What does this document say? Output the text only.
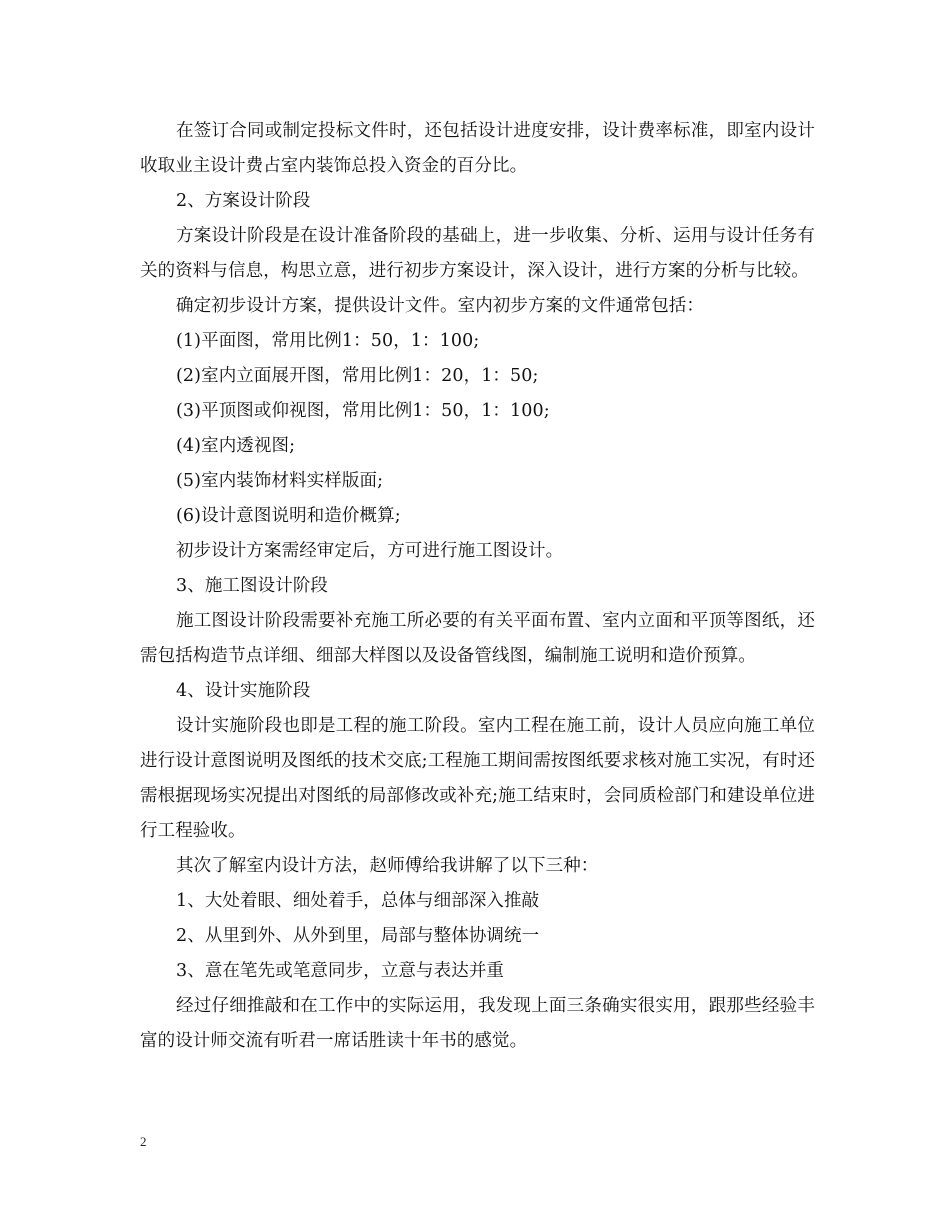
在签订合同或制定投标文件时，还包括设计进度安排，设计费率标准，即室内设计收取业主设计费占室内装饰总投入资金的百分比。

2、方案设计阶段

方案设计阶段是在设计准备阶段的基础上，进一步收集、分析、运用与设计任务有关的资料与信息，构思立意，进行初步方案设计，深入设计，进行方案的分析与比较。

确定初步设计方案，提供设计文件。室内初步方案的文件通常包括：

(1)平面图，常用比例1：50，1：100;

(2)室内立面展开图，常用比例1：20，1：50;

(3)平顶图或仰视图，常用比例1：50，1：100;

(4)室内透视图;

(5)室内装饰材料实样版面;

(6)设计意图说明和造价概算;

初步设计方案需经审定后，方可进行施工图设计。

3、施工图设计阶段

施工图设计阶段需要补充施工所必要的有关平面布置、室内立面和平顶等图纸，还需包括构造节点详细、细部大样图以及设备管线图，编制施工说明和造价预算。

4、设计实施阶段

设计实施阶段也即是工程的施工阶段。室内工程在施工前，设计人员应向施工单位进行设计意图说明及图纸的技术交底;工程施工期间需按图纸要求核对施工实况，有时还需根据现场实况提出对图纸的局部修改或补充;施工结束时，会同质检部门和建设单位进行工程验收。

其次了解室内设计方法，赵师傅给我讲解了以下三种：

1、大处着眼、细处着手，总体与细部深入推敲

2、从里到外、从外到里，局部与整体协调统一

3、意在笔先或笔意同步，立意与表达并重

经过仔细推敲和在工作中的实际运用，我发现上面三条确实很实用，跟那些经验丰富的设计师交流有听君一席话胜读十年书的感觉。

2
